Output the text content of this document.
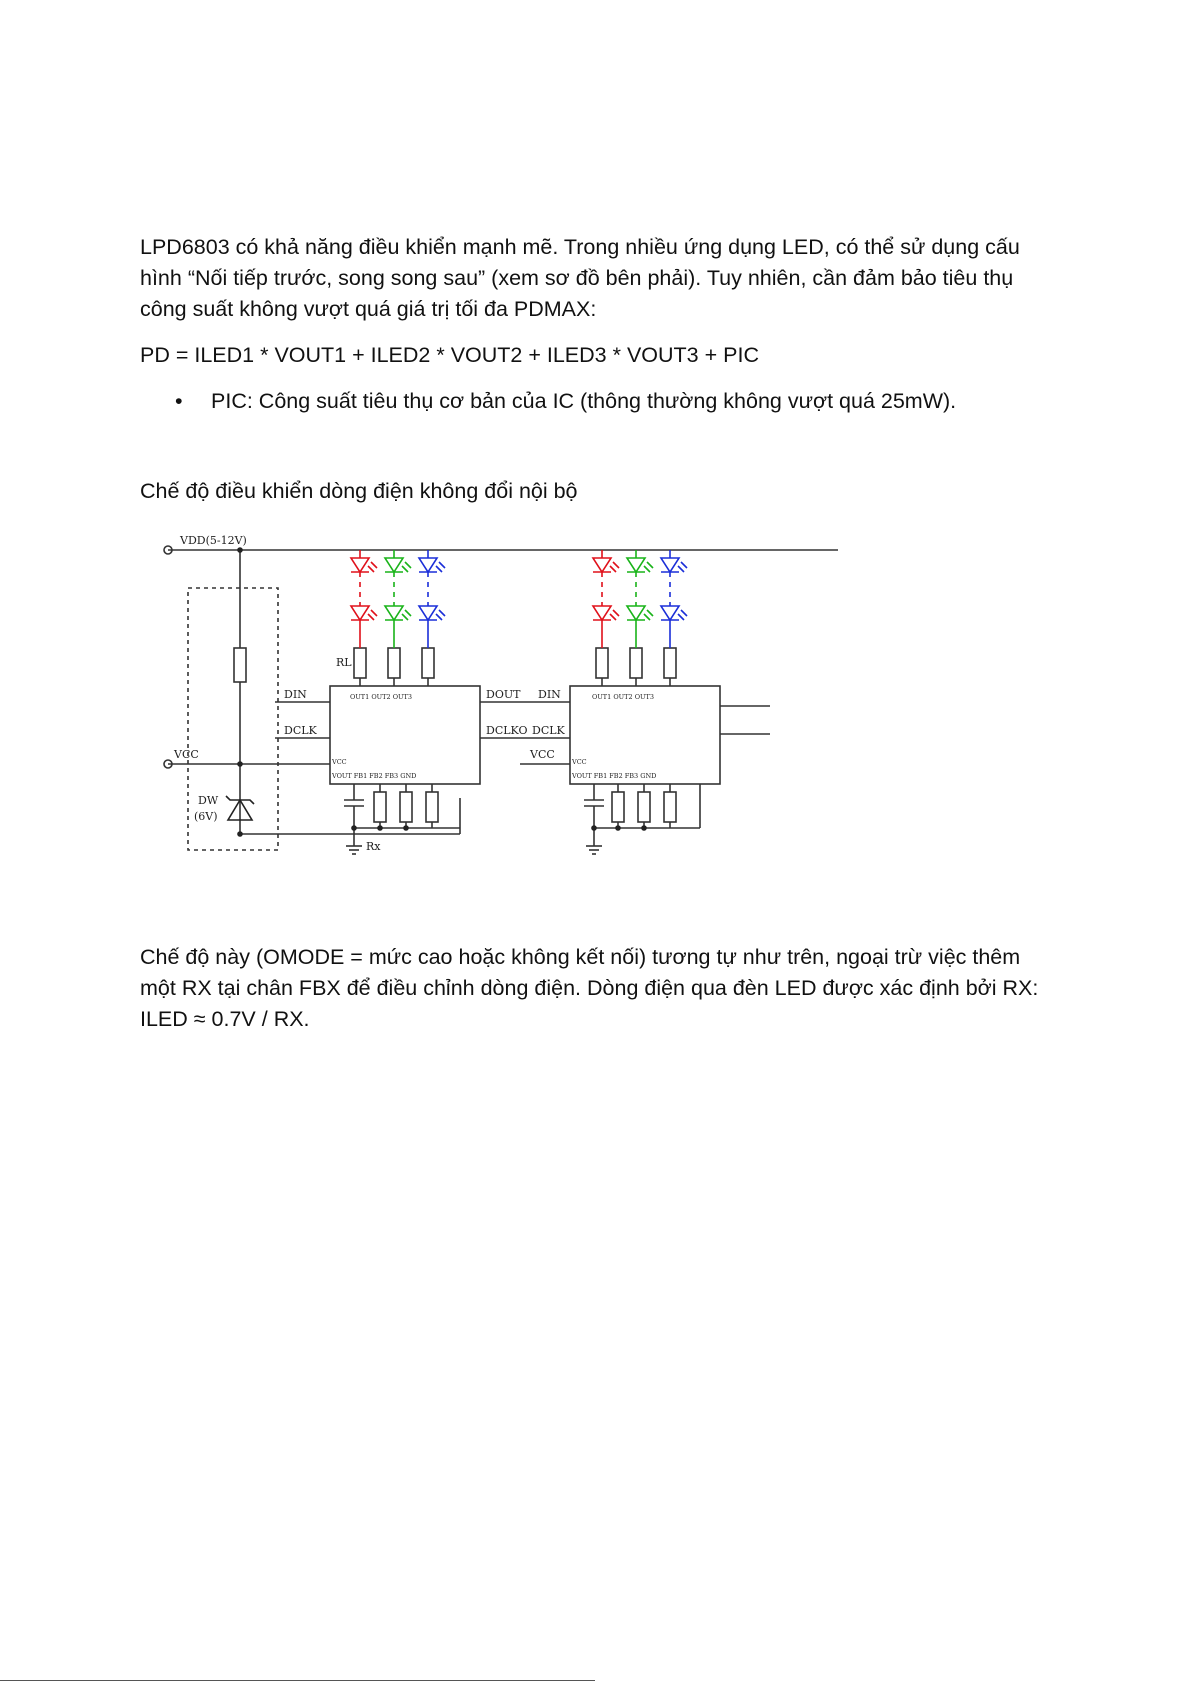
LPD6803 có khả năng điều khiển mạnh mẽ. Trong nhiều ứng dụng LED, có thể sử dụng cấu hình “Nối tiếp trước, song song sau” (xem sơ đồ bên phải). Tuy nhiên, cần đảm bảo tiêu thụ công suất không vượt quá giá trị tối đa PDMAX:

PD = ILED1 * VOUT1 + ILED2 * VOUT2 + ILED3 * VOUT3 + PIC

•	PIC: Công suất tiêu thụ cơ bản của IC (thông thường không vượt quá 25mW).

Chế độ điều khiển dòng điện không đổi nội bộ

VDD(5-12V)
VCC
DW
(6V)
DIN
DCLK
DOUT DIN
DCLKO DCLK
VCC
RL
Rx
OUT1 OUT2 OUT3
VCC
VOUT FB1 FB2 FB3 GND
OUT1 OUT2 OUT3
VCC
VOUT FB1 FB2 FB3 GND

Chế độ này (OMODE = mức cao hoặc không kết nối) tương tự như trên, ngoại trừ việc thêm một RX tại chân FBX để điều chỉnh dòng điện. Dòng điện qua đèn LED được xác định bởi RX: ILED ≈ 0.7V / RX.
